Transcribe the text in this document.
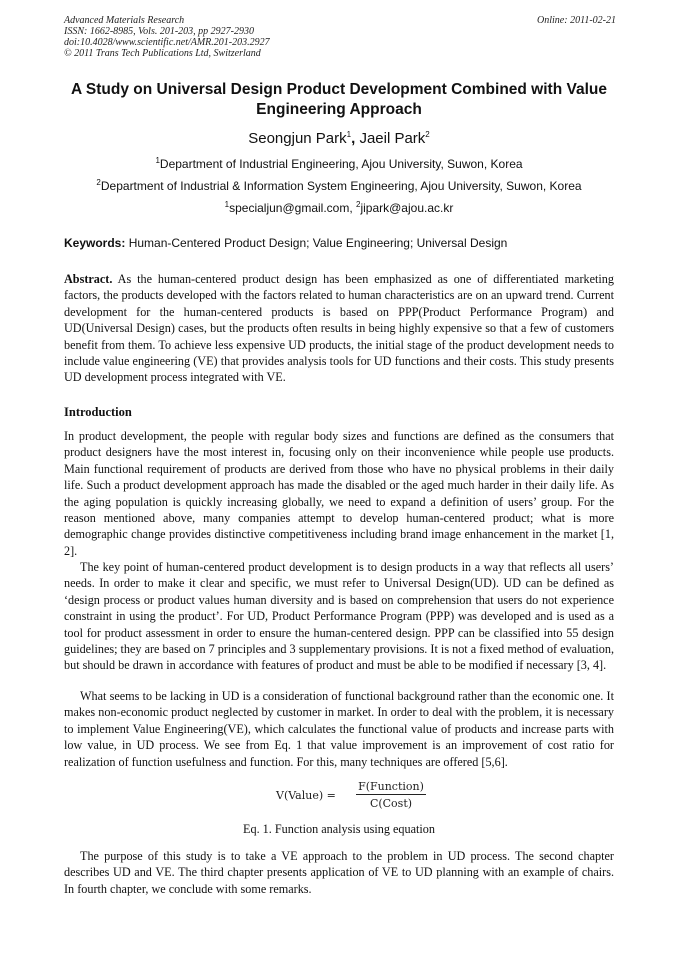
Advanced Materials Research
ISSN: 1662-8985, Vols. 201-203, pp 2927-2930
doi:10.4028/www.scientific.net/AMR.201-203.2927
© 2011 Trans Tech Publications Ltd, Switzerland
Online: 2011-02-21
A Study on Universal Design Product Development Combined with Value Engineering Approach
Seongjun Park$^1$, Jaeil Park$^2$
$^1$Department of Industrial Engineering, Ajou University, Suwon, Korea
$^2$Department of Industrial & Information System Engineering, Ajou University, Suwon, Korea
$^1$specialjun@gmail.com, $^2$jipark@ajou.ac.kr
Keywords: Human-Centered Product Design; Value Engineering; Universal Design
Abstract. As the human-centered product design has been emphasized as one of differentiated marketing factors, the products developed with the factors related to human characteristics are on an upward trend. Current development for the human-centered products is based on PPP(Product Performance Program) and UD(Universal Design) cases, but the products often results in being highly expensive so that a few of customers benefit from them. To achieve less expensive UD products, the initial stage of the product development needs to include value engineering (VE) that provides analysis tools for UD functions and their costs. This study presents UD development process integrated with VE.
Introduction
In product development, the people with regular body sizes and functions are defined as the consumers that product designers have the most interest in, focusing only on their inconvenience while people use products. Main functional requirement of products are derived from those who have no physical problems in their daily life. Such a product development approach has made the disabled or the aged much harder in their daily life. As the aging population is quickly increasing globally, we need to expand a definition of users’ group. For the reason mentioned above, many companies attempt to develop human-centered product; what is more demographic change provides distinctive competitiveness including brand image enhancement in the market [1, 2].
The key point of human-centered product development is to design products in a way that reflects all users’ needs. In order to make it clear and specific, we must refer to Universal Design(UD). UD can be defined as ‘design process or product values human diversity and is based on comprehension that users do not experience constraint in using the product’. For UD, Product Performance Program (PPP) was developed and is used as a tool for product assessment in order to ensure the human-centered design. PPP can be classified into 55 design guidelines; they are based on 7 principles and 3 supplementary provisions. It is not a fixed method of evaluation, but should be drawn in accordance with features of product and must be able to be modified if necessary [3, 4].
What seems to be lacking in UD is a consideration of functional background rather than the economic one. It makes non-economic product neglected by customer in market. In order to deal with the problem, it is necessary to implement Value Engineering(VE), which calculates the functional value of products and increase parts with low value, in UD process. We see from Eq. 1 that value improvement is an improvement of cost ratio for realization of function usefulness and function. For this, many techniques are offered [5,6].
V(Value) =
F(Function)
C(Cost)
Eq. 1. Function analysis using equation
The purpose of this study is to take a VE approach to the problem in UD process. The second chapter describes UD and VE. The third chapter presents application of VE to UD planning with an example of chairs. In fourth chapter, we conclude with some remarks.
